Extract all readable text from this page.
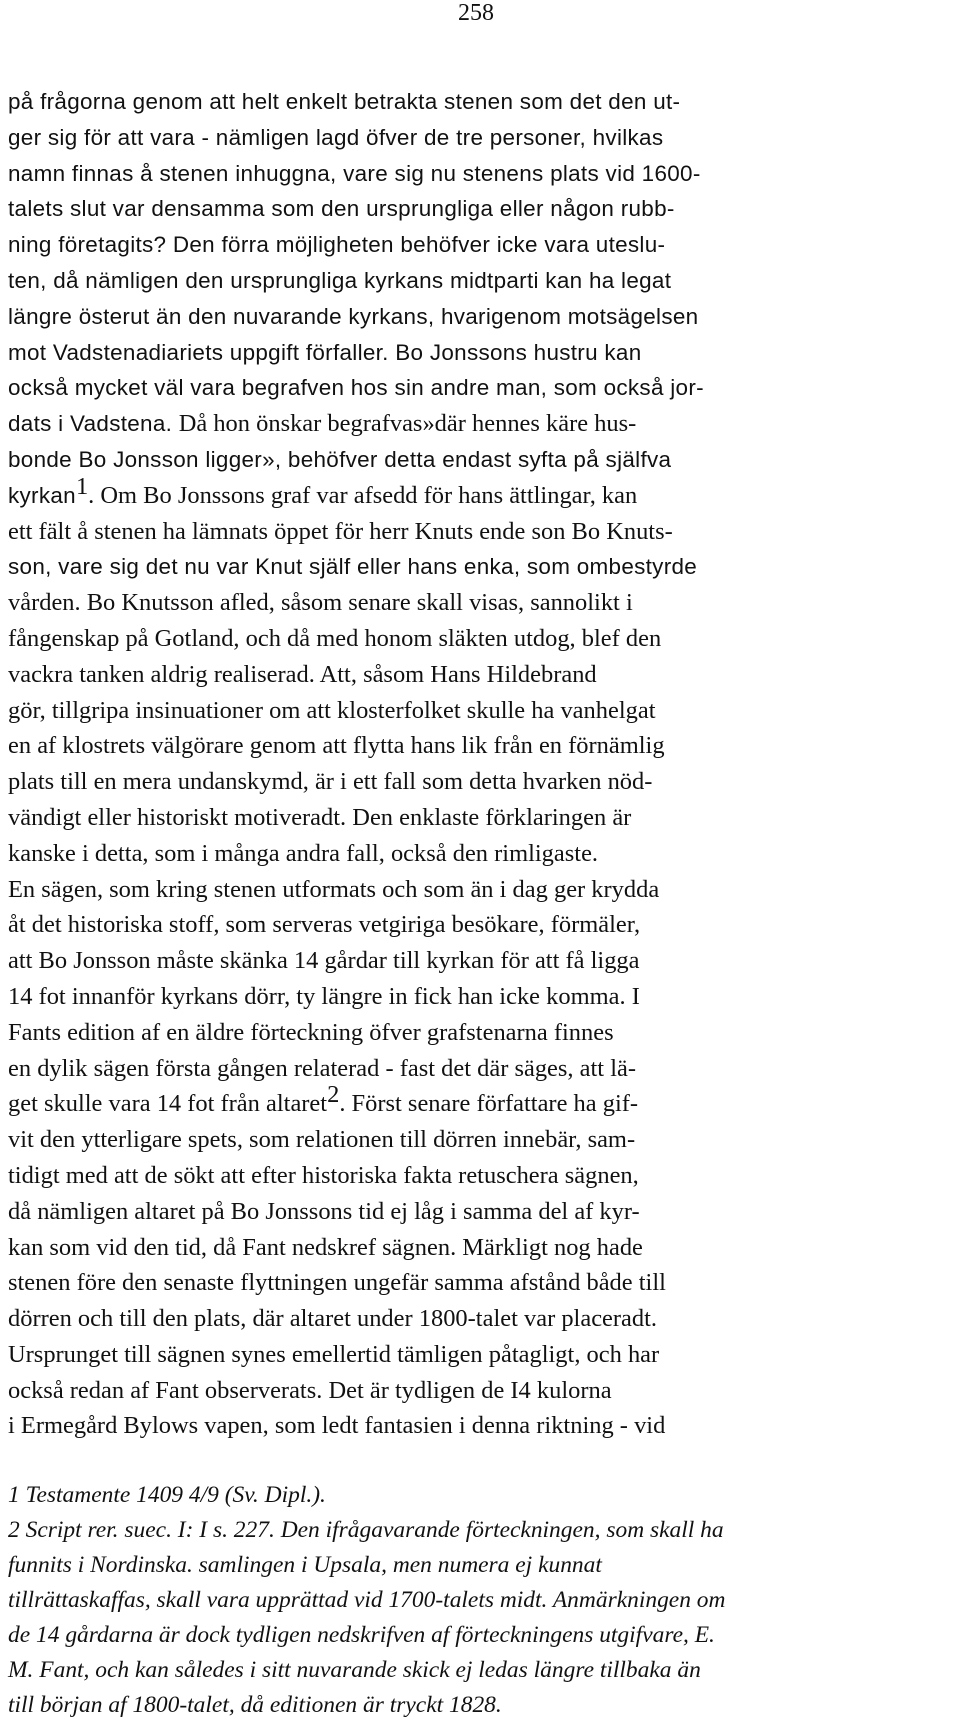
258
på frågorna genom att helt enkelt betrakta stenen som det den ut-
ger sig för att vara - nämligen lagd öfver de tre personer, hvilkas
namn finnas å stenen inhuggna, vare sig nu stenens plats vid 1600-
talets slut var densamma som den ursprungliga eller någon rubb-
ning företagits? Den förra möjligheten behöfver icke vara uteslu-
ten, då nämligen den ursprungliga kyrkans midtparti kan ha legat
längre österut än den nuvarande kyrkans, hvarigenom motsägelsen
mot Vadstenadiariets uppgift förfaller. Bo Jonssons hustru kan
också mycket väl vara begrafven hos sin andre man, som också jor-
dats i Vadstena. Då hon önskar begrafvas»där hennes käre hus-
bonde Bo Jonsson ligger», behöfver detta endast syfta på själfva
kyrkan$^1$. Om Bo Jonssons graf var afsedd för hans ättlingar, kan
ett fält å stenen ha lämnats öppet för herr Knuts ende son Bo Knuts-
son, vare sig det nu var Knut själf eller hans enka, som ombestyrde
vården. Bo Knutsson afled, såsom senare skall visas, sannolikt i
fångenskap på Gotland, och då med honom släkten utdog, blef den
vackra tanken aldrig realiserad. Att, såsom Hans Hildebrand
gör, tillgripa insinuationer om att klosterfolket skulle ha vanhelgat
en af klostrets välgörare genom att flytta hans lik från en förnämlig
plats till en mera undanskymd, är i ett fall som detta hvarken nöd-
vändigt eller historiskt motiveradt. Den enklaste förklaringen är
kanske i detta, som i många andra fall, också den rimligaste.
En sägen, som kring stenen utformats och som än i dag ger krydda
åt det historiska stoff, som serveras vetgiriga besökare, förmäler,
att Bo Jonsson måste skänka 14 gårdar till kyrkan för att få ligga
14 fot innanför kyrkans dörr, ty längre in fick han icke komma. I
Fants edition af en äldre förteckning öfver grafstenarna finnes
en dylik sägen första gången relaterad - fast det där säges, att lä-
get skulle vara 14 fot från altaret$^2$. Först senare författare ha gif-
vit den ytterligare spets, som relationen till dörren innebär, sam-
tidigt med att de sökt att efter historiska fakta retuschera sägnen,
då nämligen altaret på Bo Jonssons tid ej låg i samma del af kyr-
kan som vid den tid, då Fant nedskref sägnen. Märkligt nog hade
stenen före den senaste flyttningen ungefär samma afstånd både till
dörren och till den plats, där altaret under 1800-talet var placeradt.
Ursprunget till sägnen synes emellertid tämligen påtagligt, och har
också redan af Fant observerats. Det är tydligen de I4 kulorna
i Ermegård Bylows vapen, som ledt fantasien i denna riktning - vid
1 Testamente 1409 4/9 (Sv. Dipl.).
2 Script rer. suec. I: I s. 227. Den ifrågavarande förteckningen, som skall ha
funnits i Nordinska. samlingen i Upsala, men numera ej kunnat
tillrättaskaffas, skall vara upprättad vid 1700-talets midt. Anmärkningen om
de 14 gårdarna är dock tydligen nedskrifven af förteckningens utgifvare, E.
M. Fant, och kan således i sitt nuvarande skick ej ledas längre tillbaka än
till början af 1800-talet, då editionen är tryckt 1828.
